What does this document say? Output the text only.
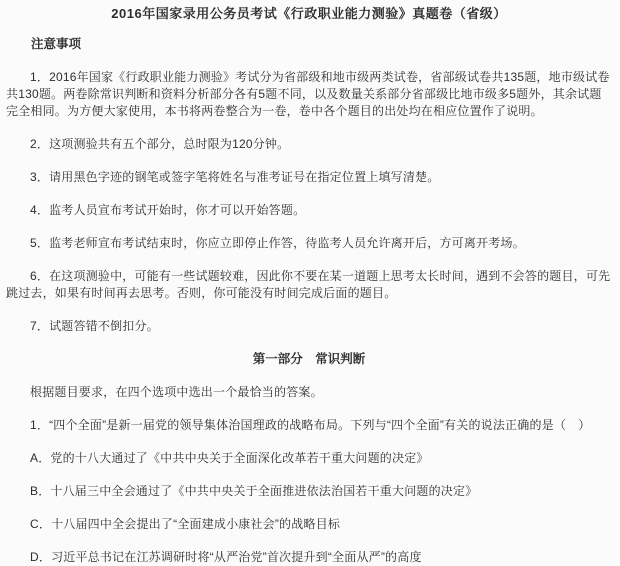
2016年国家录用公务员考试《行政职业能力测验》真题卷（省级）
注意事项

1．2016年国家《行政职业能力测验》考试分为省部级和地市级两类试卷，省部级试卷共135题，地市级试卷共130题。两卷除常识判断和资料分析部分各有5题不同，以及数量关系部分省部级比地市级多5题外，其余试题完全相同。为方便大家使用，本书将两卷整合为一卷，卷中各个题目的出处均在相应位置作了说明。

2．这项测验共有五个部分，总时限为120分钟。

3．请用黑色字迹的钢笔或签字笔将姓名与准考证号在指定位置上填写清楚。

4．监考人员宣布考试开始时，你才可以开始答题。

5．监考老师宣布考试结束时，你应立即停止作答，待监考人员允许离开后，方可离开考场。

6．在这项测验中，可能有一些试题较难，因此你不要在某一道题上思考太长时间，遇到不会答的题目，可先跳过去，如果有时间再去思考。否则，你可能没有时间完成后面的题目。

7．试题答错不倒扣分。

第一部分　常识判断

根据题目要求，在四个选项中选出一个最恰当的答案。

1．“四个全面”是新一届党的领导集体治国理政的战略布局。下列与“四个全面”有关的说法正确的是（　）

A．党的十八大通过了《中共中央关于全面深化改革若干重大问题的决定》

B．十八届三中全会通过了《中共中央关于全面推进依法治国若干重大问题的决定》

C．十八届四中全会提出了“全面建成小康社会”的战略目标

D．习近平总书记在江苏调研时将“从严治党”首次提升到“全面从严”的高度
